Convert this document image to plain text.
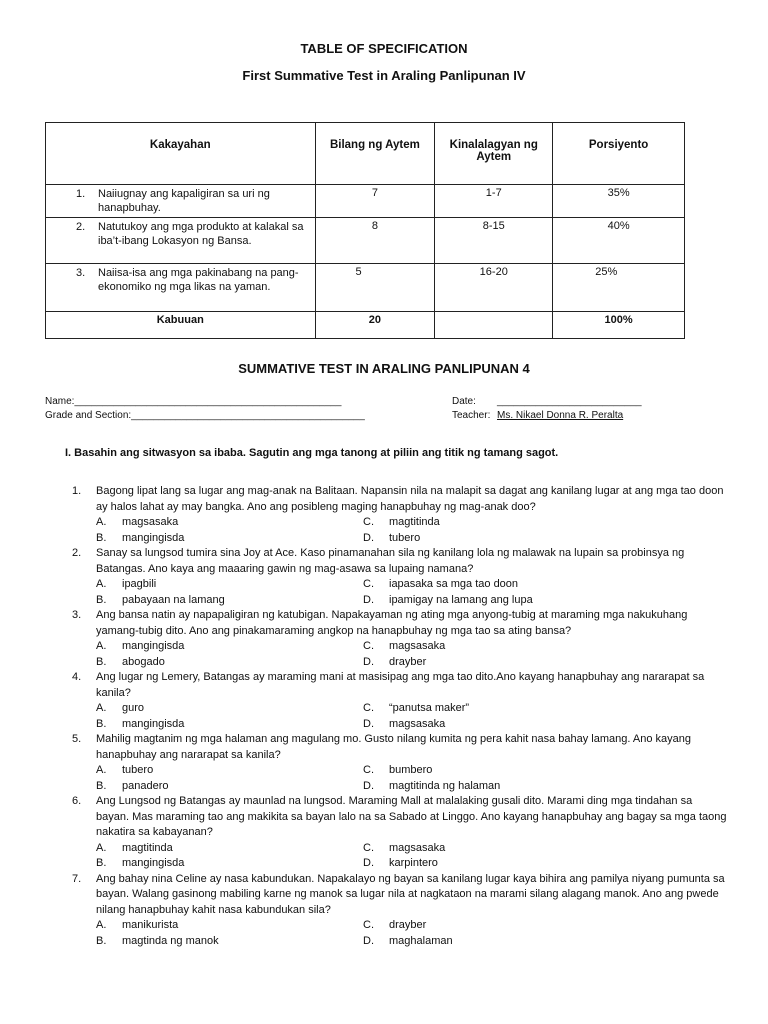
TABLE OF SPECIFICATION
First Summative Test in Araling Panlipunan IV
Kakayahan	Bilang ng Aytem	Kinalalagyan ng Aytem	Porsiyento

1. Naiiugnay ang kapaligiran sa uri ng hanapbuhay.	7	1-7	35%

2. Natutukoy ang mga produkto at kalakal sa iba’t-ibang Lokasyon ng Bansa.	8	8-15	40%

3. Naiisa-isa ang mga pakinabang na pang-ekonomiko ng mga likas na yaman.	5	16-20	25%
Kabuuan	20		100%
SUMMATIVE TEST IN ARALING PANLIPUNAN 4
Name:________________________________________________
Grade and Section:__________________________________________
Date: __________________________
Teacher: Ms. Nikael Donna R. Peralta
I. Basahin ang sitwasyon sa ibaba. Sagutin ang mga tanong at piliin ang titik ng tamang sagot.
1. Bagong lipat lang sa lugar ang mag-anak na Balitaan. Napansin nila na malapit sa dagat ang kanilang lugar at ang mga tao doon ay halos lahat ay may bangka. Ano ang posibleng maging hanapbuhay ng mag-anak doo?
A.	magsasaka	C.	magtitinda
B.	mangingisda	D.	tubero
2. Sanay sa lungsod tumira sina Joy at Ace. Kaso pinamanahan sila ng kanilang lola ng malawak na lupain sa probinsya ng Batangas. Ano kaya ang maaaring gawin ng mag-asawa sa lupaing namana?
A.	ipagbili	C.	iapasaka sa mga tao doon
B.	pabayaan na lamang	D.	ipamigay na lamang ang lupa
3. Ang bansa natin ay napapaligiran ng katubigan. Napakayaman ng ating mga anyong-tubig at maraming mga nakukuhang yamang-tubig dito. Ano ang pinakamaraming angkop na hanapbuhay ng mga tao sa ating bansa?
A.	mangingisda	C.	magsasaka
B.	abogado	D.	drayber
4. Ang lugar ng Lemery, Batangas ay maraming mani at masisipag ang mga tao dito.Ano kayang hanapbuhay ang nararapat sa kanila?
A.	guro	C.	“panutsa maker”
B.	mangingisda	D.	magsasaka
5. Mahilig magtanim ng mga halaman ang magulang mo. Gusto nilang kumita ng pera kahit nasa bahay lamang. Ano kayang hanapbuhay ang nararapat sa kanila?
A.	tubero	C.	bumbero
B.	panadero	D.	magtitinda ng halaman
6. Ang Lungsod ng Batangas ay maunlad na lungsod. Maraming Mall at malalaking gusali dito. Marami ding mga tindahan sa bayan. Mas maraming tao ang makikita sa bayan lalo na sa Sabado at Linggo. Ano kayang hanapbuhay ang bagay sa mga taong nakatira sa kabayanan?
A.	magtitinda	C.	magsasaka
B.	mangingisda	D.	karpintero
7. Ang bahay nina Celine ay nasa kabundukan. Napakalayo ng bayan sa kanilang lugar kaya bihira ang pamilya niyang pumunta sa bayan. Walang gasinong mabiling karne ng manok sa lugar nila at nagkataon na marami silang alagang manok. Ano ang pwede nilang hanapbuhay kahit nasa kabundukan sila?
A.	manikurista	C.	drayber
B.	magtinda ng manok	D.	maghalaman
